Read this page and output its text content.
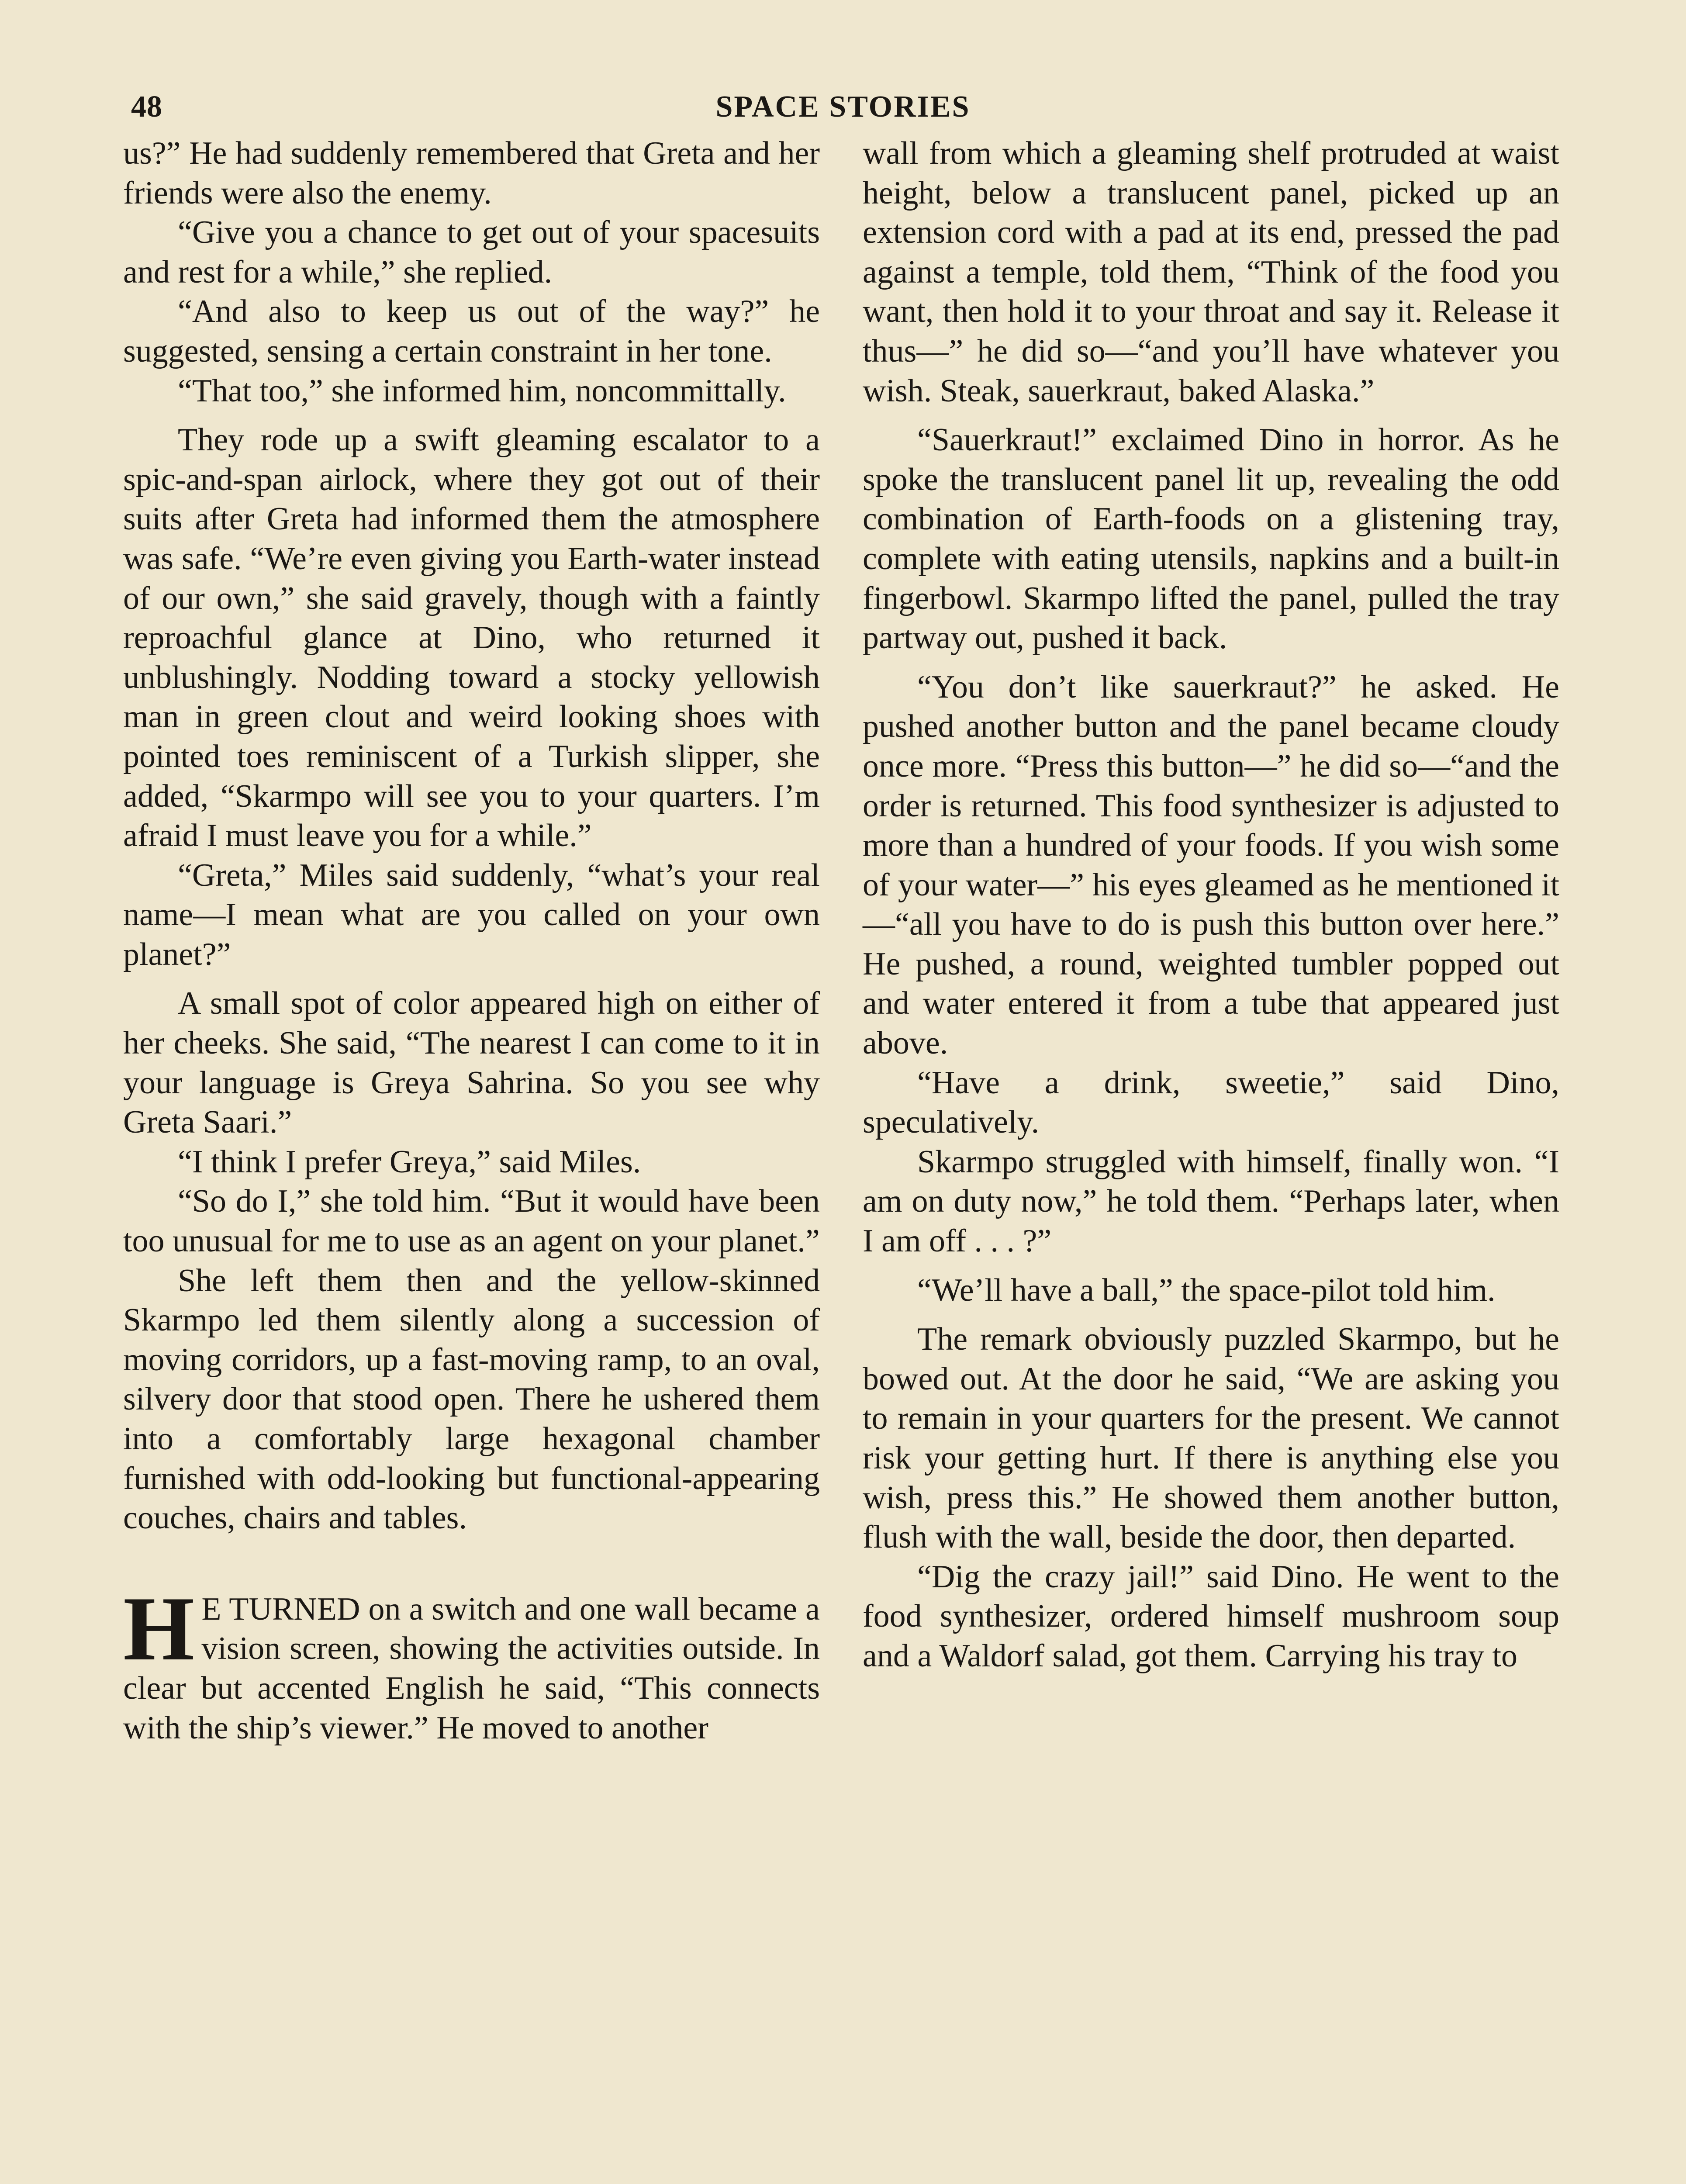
48	SPACE STORIES

us?” He had suddenly remembered that Greta and her friends were also the enemy.

“Give you a chance to get out of your spacesuits and rest for a while,” she replied.

“And also to keep us out of the way?” he suggested, sensing a certain constraint in her tone.

“That too,” she informed him, noncommittally.

They rode up a swift gleaming escalator to a spic-and-span airlock, where they got out of their suits after Greta had informed them the atmosphere was safe. “We’re even giving you Earth-water instead of our own,” she said gravely, though with a faintly reproachful glance at Dino, who returned it unblushingly. Nodding toward a stocky yellowish man in green clout and weird looking shoes with pointed toes reminiscent of a Turkish slipper, she added, “Skarmpo will see you to your quarters. I’m afraid I must leave you for a while.”

“Greta,” Miles said suddenly, “what’s your real name—I mean what are you called on your own planet?”

A small spot of color appeared high on either of her cheeks. She said, “The nearest I can come to it in your language is Greya Sahrina. So you see why Greta Saari.”

“I think I prefer Greya,” said Miles.

“So do I,” she told him. “But it would have been too unusual for me to use as an agent on your planet.”

She left them then and the yellow-skinned Skarmpo led them silently along a succession of moving corridors, up a fast-moving ramp, to an oval, silvery door that stood open. There he ushered them into a comfortably large hexagonal chamber furnished with odd-looking but functional-appearing couches, chairs and tables.

H E TURNED on a switch and one wall became a vision screen, showing the activities outside. In clear but accented English he said, “This connects with the ship’s viewer.” He moved to another

wall from which a gleaming shelf protruded at waist height, below a translucent panel, picked up an extension cord with a pad at its end, pressed the pad against a temple, told them, “Think of the food you want, then hold it to your throat and say it. Release it thus—” he did so—“and you’ll have whatever you wish. Steak, sauerkraut, baked Alaska.”

“Sauerkraut!” exclaimed Dino in horror. As he spoke the translucent panel lit up, revealing the odd combination of Earth-foods on a glistening tray, complete with eating utensils, napkins and a built-in fingerbowl. Skarmpo lifted the panel, pulled the tray partway out, pushed it back.

“You don’t like sauerkraut?” he asked. He pushed another button and the panel became cloudy once more. “Press this button—” he did so—“and the order is returned. This food synthesizer is adjusted to more than a hundred of your foods. If you wish some of your water—” his eyes gleamed as he mentioned it—“all you have to do is push this button over here.” He pushed, a round, weighted tumbler popped out and water entered it from a tube that appeared just above.

“Have a drink, sweetie,” said Dino, speculatively.

Skarmpo struggled with himself, finally won. “I am on duty now,” he told them. “Perhaps later, when I am off . . . ?”

“We’ll have a ball,” the space-pilot told him.

The remark obviously puzzled Skarmpo, but he bowed out. At the door he said, “We are asking you to remain in your quarters for the present. We cannot risk your getting hurt. If there is anything else you wish, press this.” He showed them another button, flush with the wall, beside the door, then departed.

“Dig the crazy jail!” said Dino. He went to the food synthesizer, ordered himself mushroom soup and a Waldorf salad, got them. Carrying his tray to
